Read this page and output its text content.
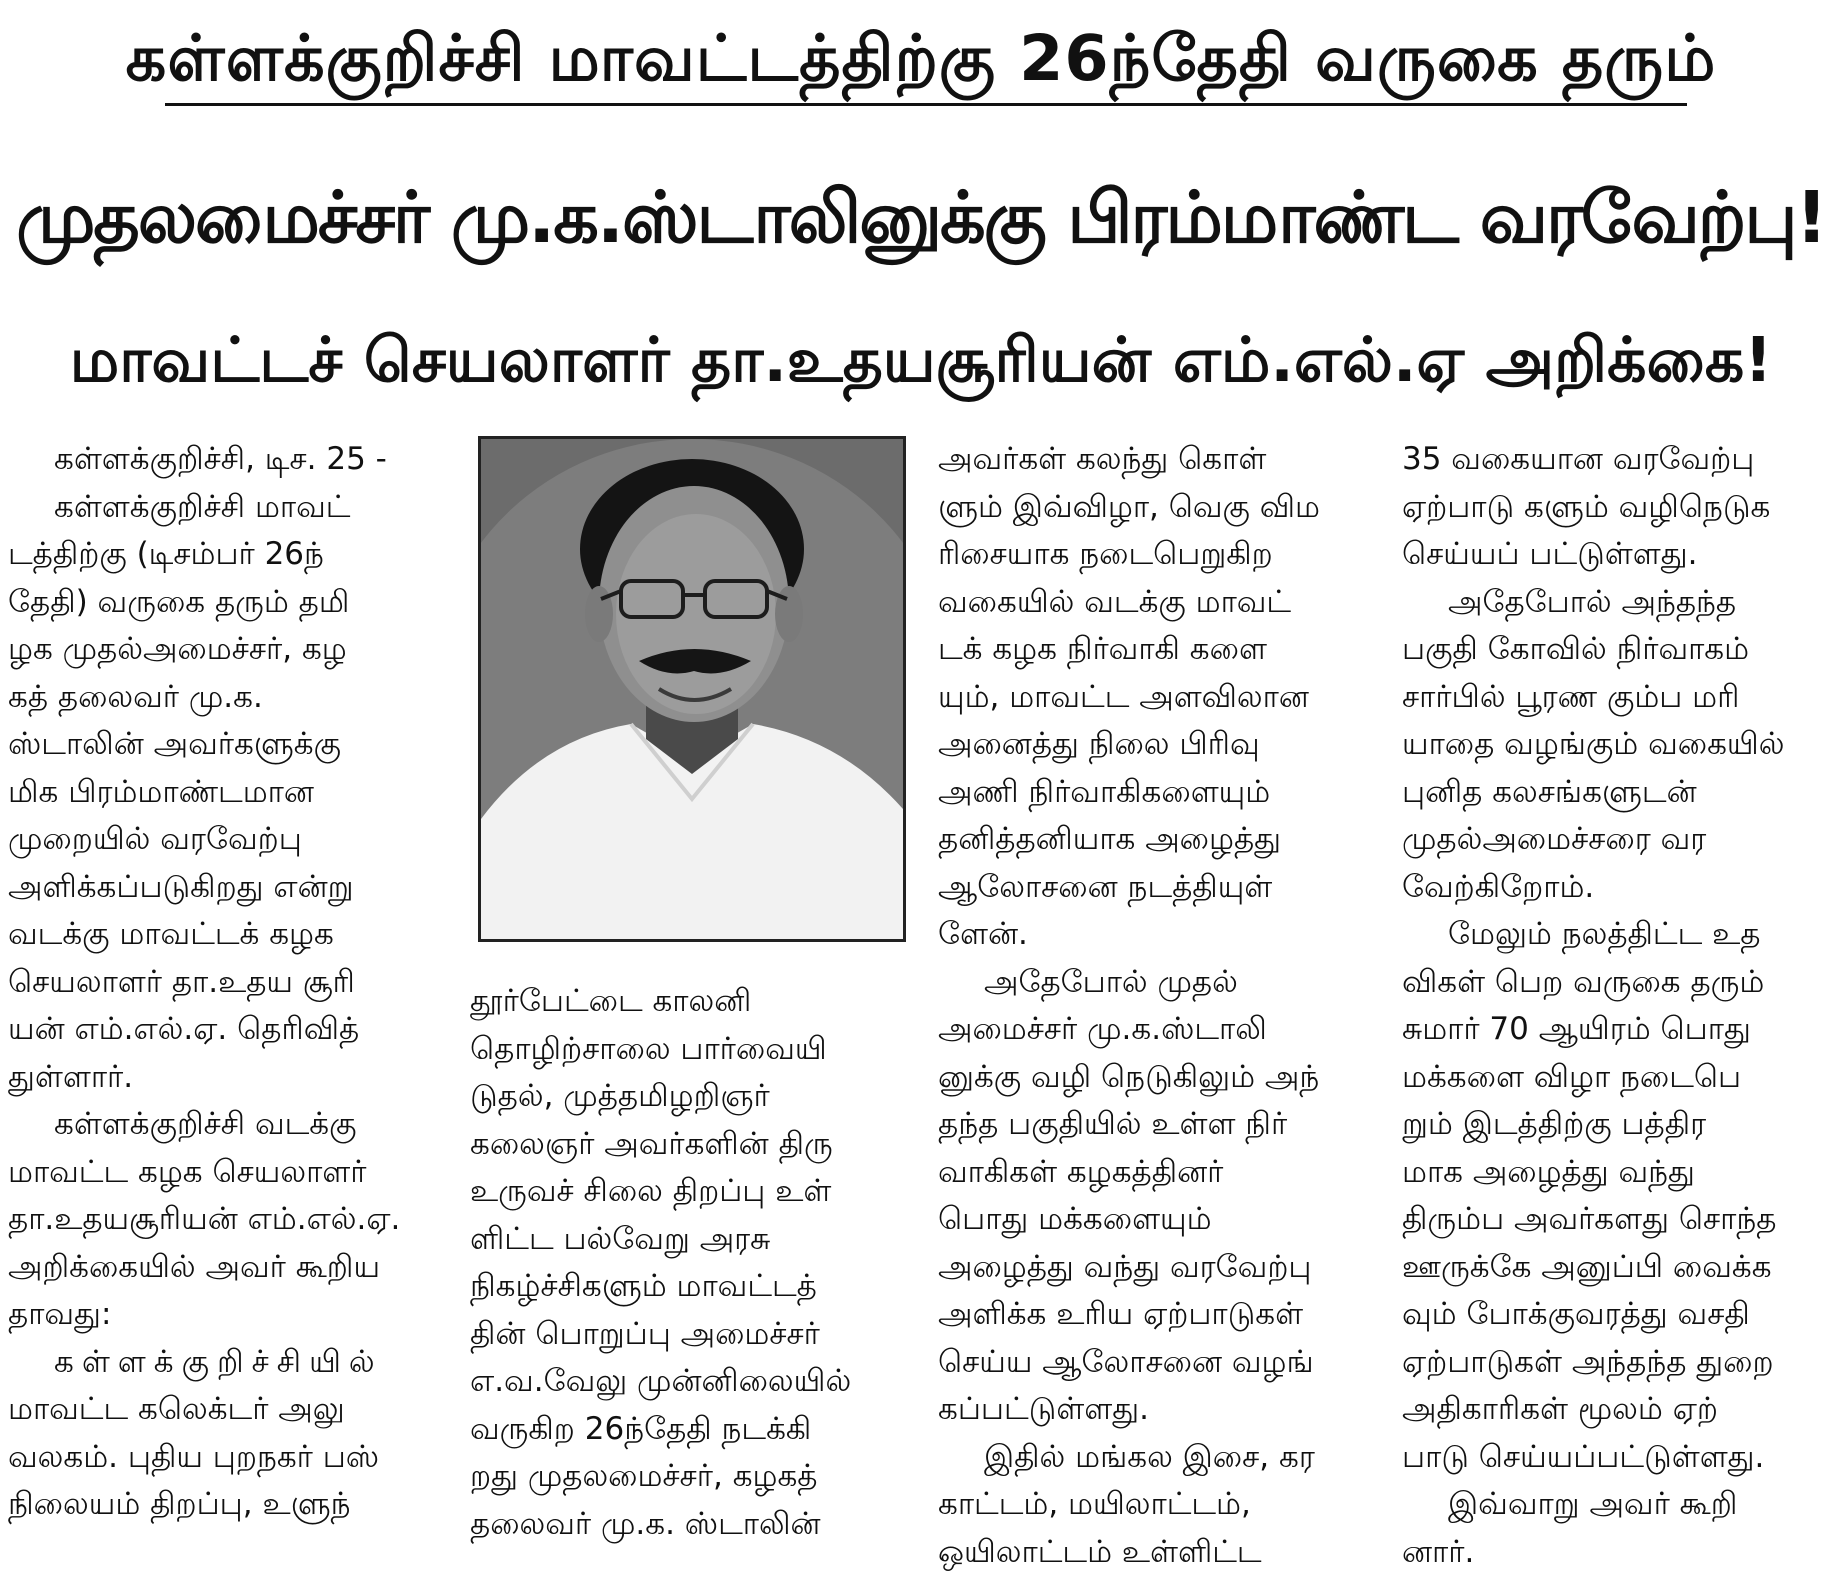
கள்ளக்குறிச்சி மாவட்டத்திற்கு 26ந்தேதி வருகை தரும்
முதலமைச்சர் மு.க.ஸ்டாலினுக்கு பிரம்மாண்ட வரவேற்பு!
மாவட்டச் செயலாளர் தா.உதயசூரியன் எம்.எல்.ஏ அறிக்கை!
கள்ளக்குறிச்சி, டிச. 25 -
கள்ளக்குறிச்சி மாவட்
டத்திற்கு (டிசம்பர் 26ந்
தேதி) வருகை தரும் தமி
ழக முதல்அமைச்சர், கழ
கத் தலைவர் மு.க.
ஸ்டாலின் அவர்களுக்கு
மிக பிரம்மாண்டமான
முறையில் வரவேற்பு
அளிக்கப்படுகிறது என்று
வடக்கு மாவட்டக் கழக
செயலாளர் தா.உதய சூரி
யன் எம்.எல்.ஏ. தெரிவித்
துள்ளார்.
கள்ளக்குறிச்சி வடக்கு
மாவட்ட கழக செயலாளர்
தா.உதயசூரியன் எம்.எல்.ஏ.
அறிக்கையில் அவர் கூறிய
தாவது:
கள்ளக்குறிச்சியில்
மாவட்ட கலெக்டர் அலு
வலகம். புதிய புறநகர் பஸ்
நிலையம் திறப்பு, உளுந்
தூர்பேட்டை காலனி
தொழிற்சாலை பார்வையி
டுதல், முத்தமிழறிஞர்
கலைஞர் அவர்களின் திரு
உருவச் சிலை திறப்பு உள்
ளிட்ட பல்வேறு அரசு
நிகழ்ச்சிகளும் மாவட்டத்
தின் பொறுப்பு அமைச்சர்
எ.வ.வேலு முன்னிலையில்
வருகிற 26ந்தேதி நடக்கி
றது முதலமைச்சர், கழகத்
தலைவர் மு.க. ஸ்டாலின்
அவர்கள் கலந்து கொள்
ளும் இவ்விழா, வெகு விம
ரிசையாக நடைபெறுகிற
வகையில் வடக்கு மாவட்
டக் கழக நிர்வாகி களை
யும், மாவட்ட அளவிலான
அனைத்து நிலை பிரிவு
அணி நிர்வாகிகளையும்
தனித்தனியாக அழைத்து
ஆலோசனை நடத்தியுள்
ளேன்.
அதேபோல் முதல்
அமைச்சர் மு.க.ஸ்டாலி
னுக்கு வழி நெடுகிலும் அந்
தந்த பகுதியில் உள்ள நிர்
வாகிகள் கழகத்தினர்
பொது மக்களையும்
அழைத்து வந்து வரவேற்பு
அளிக்க உரிய ஏற்பாடுகள்
செய்ய ஆலோசனை வழங்
கப்பட்டுள்ளது.
இதில் மங்கல இசை, கர
காட்டம், மயிலாட்டம்,
ஒயிலாட்டம் உள்ளிட்ட
35 வகையான வரவேற்பு
ஏற்பாடு களும் வழிநெடுக
செய்யப் பட்டுள்ளது.
அதேபோல் அந்தந்த
பகுதி கோவில் நிர்வாகம்
சார்பில் பூரண கும்ப மரி
யாதை வழங்கும் வகையில்
புனித கலசங்களுடன்
முதல்அமைச்சரை வர
வேற்கிறோம்.
மேலும் நலத்திட்ட உத
விகள் பெற வருகை தரும்
சுமார் 70 ஆயிரம் பொது
மக்களை விழா நடைபெ
றும் இடத்திற்கு பத்திர
மாக அழைத்து வந்து
திரும்ப அவர்களது சொந்த
ஊருக்கே அனுப்பி வைக்க
வும் போக்குவரத்து வசதி
ஏற்பாடுகள் அந்தந்த துறை
அதிகாரிகள் மூலம் ஏற்
பாடு செய்யப்பட்டுள்ளது.
இவ்வாறு அவர் கூறி
னார்.
